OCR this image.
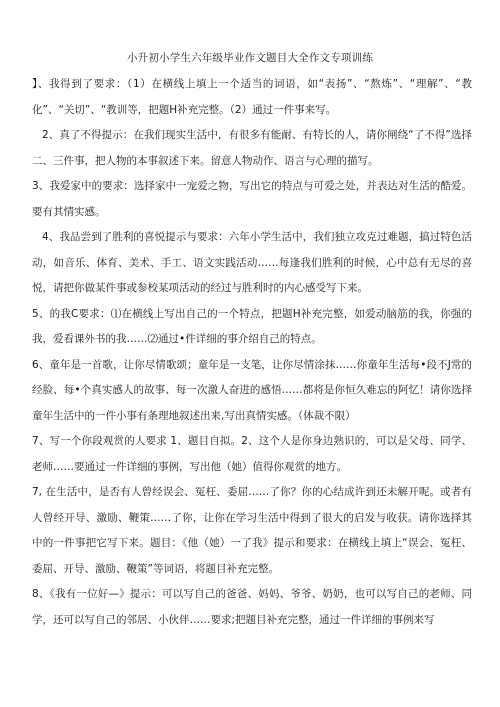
小升初小学生六年级毕业作文题目大全作文专项训练

】、我得到了要求：（1）在横线上填上一个适当的词语，如“表扬”、“熬炼”、“理解”、“教化”、“关切”、“教训等，把题H补充完整。（2）通过一件事来写。

2、真了不得提示：在我们现实生活中，有很多有能耐、有特长的人，请你闸绕“了不得”选择二、三件事，把人物的本事叙述下来。留意人物动作、语言与心理的描写。

3、我爱家中的要求：选择家中一宠爱之物，写出它的特点与可爱之处，并表达对生活的酷爱。要有其情实感。

4、我品尝到了胜利的喜悦提示与要求：六年小学生活中，我们独立攻克过难题，搞过特色活动，如音乐、体育、美术、手工、语文实践活动……每逢我们胜利的时候，心中总有无尽的喜悦，请把你做某件事或参校某项活动的经过与胜利时的内心感受写下来。

5、的我C要求：⑴在横线上写出自己的一个特点，把题H补充完整，如爱动脑筋的我，你强的我，爱看课外书的我……⑵通过•件详细的事介绍自己的特点。

6、童年是一首歌，让你尽情歌颂；童年是一支笔，让你尽情涂抹……你童年生活每•段不J常的经脸、每•个真实感人的故事、每一次激人奋进的感悟……都将是你恒久难忘的阿忆！请你选择童年生活中的一件小事有条理地叙述出来,写出真情实感。（体裁不限）

7、写一个你段观赏的人要求 1、题目自拟。2、这个人是你身边熟识的，可以是父母、同学、老师……要通过一件详细的事例，写出他（她）值得你观赏的地方。

7, 在生活中，是否有人曾经误会、冤枉、委屈……了你？你的心结成许到还未解开呢。或者有人曾经开导、激励、鞭策……了你，让你在学习生活中得到了很大的启发与收获。请你选择其中的一件事把它写下来。题目：《他（她）一了我》提示和要求：在横线上填上“误会、冤枉、委屈、开导、激励、鞭策”等词语，将题目补充完整。

8、《我有一位好—》提示：可以写自己的爸爸、妈妈、爷爷、奶奶，也可以写自己的老师、同学，还可以写自己的邻居、小伙伴……要求;把题目补充完整，通过一件详细的事例来写
